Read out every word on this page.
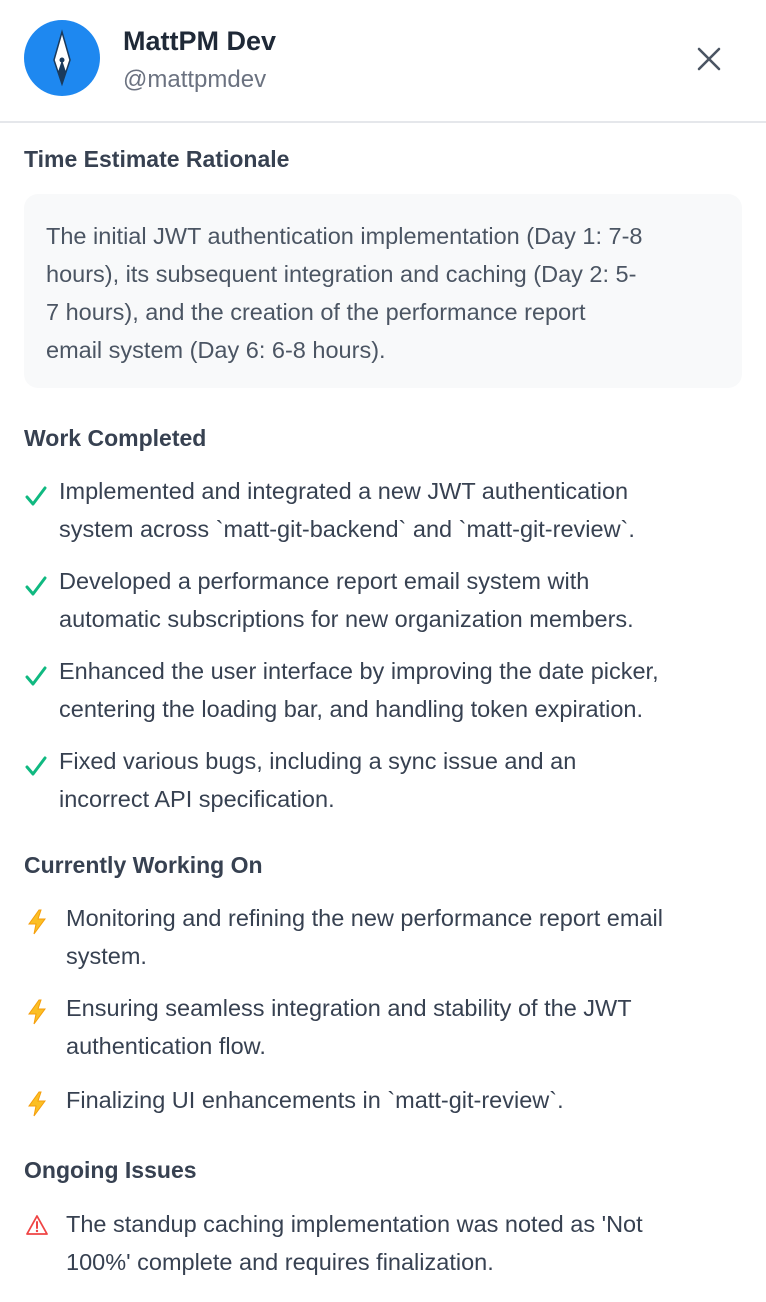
MattPM Dev
@mattpmdev
Time Estimate Rationale
The initial JWT authentication implementation (Day 1: 7-8
hours), its subsequent integration and caching (Day 2: 5-
7 hours), and the creation of the performance report
email system (Day 6: 6-8 hours).
Work Completed
Implemented and integrated a new JWT authentication
system across `matt-git-backend` and `matt-git-review`.
Developed a performance report email system with
automatic subscriptions for new organization members.
Enhanced the user interface by improving the date picker,
centering the loading bar, and handling token expiration.
Fixed various bugs, including a sync issue and an
incorrect API specification.
Currently Working On
Monitoring and refining the new performance report email
system.
Ensuring seamless integration and stability of the JWT
authentication flow.
Finalizing UI enhancements in `matt-git-review`.
Ongoing Issues
The standup caching implementation was noted as 'Not
100%' complete and requires finalization.
